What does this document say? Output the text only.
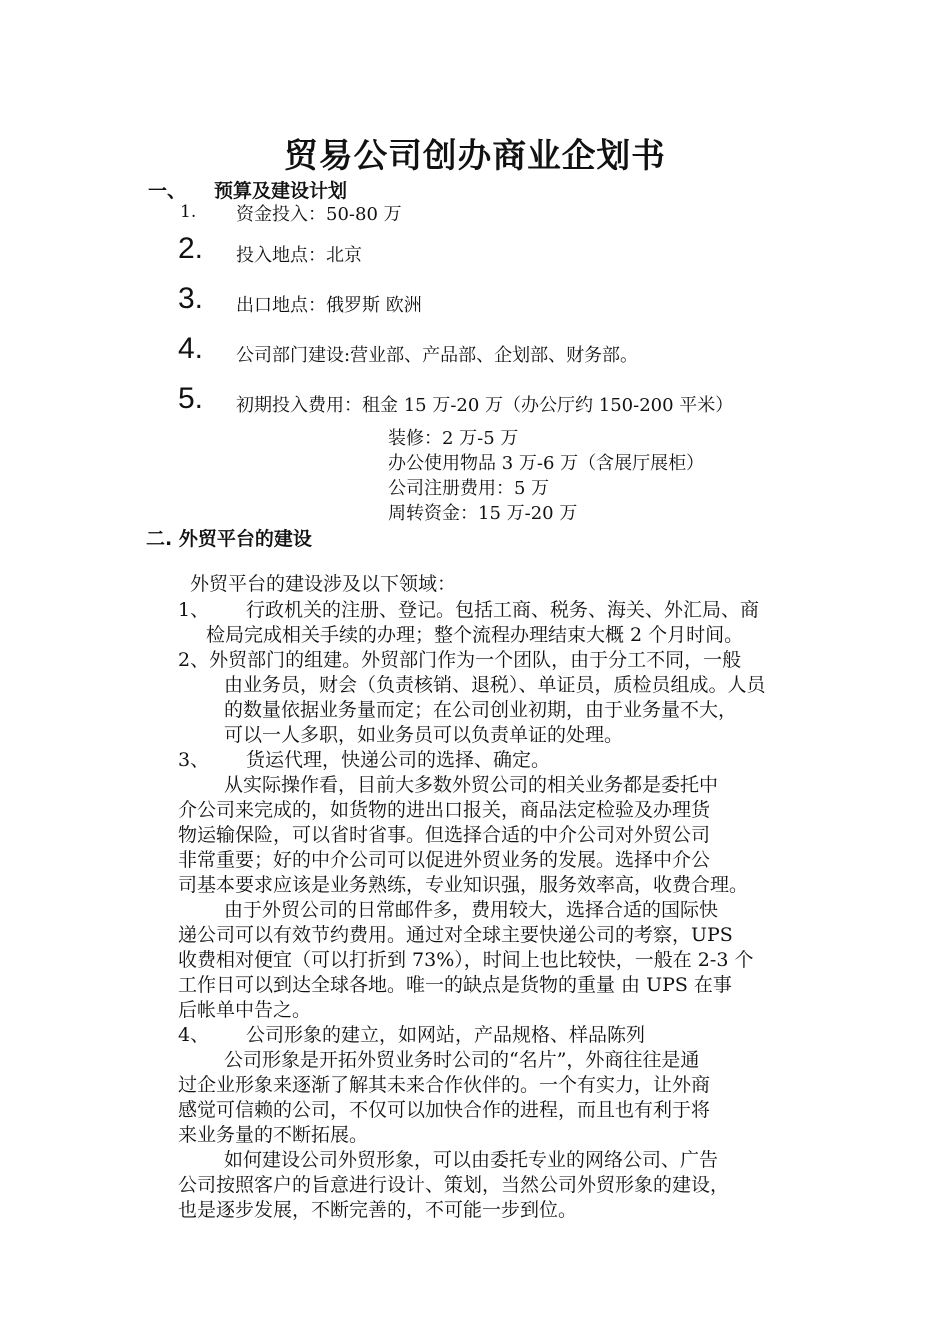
贸易公司创办商业企划书
一、 预算及建设计划
1. 资金投入：50-80 万
2. 投入地点：北京
3. 出口地点：俄罗斯 欧洲
4. 公司部门建设:营业部、产品部、企划部、财务部。
5. 初期投入费用：租金 15 万-20 万（办公厅约 150-200 平米）
装修：2 万-5 万
办公使用物品 3 万-6 万（含展厅展柜）
公司注册费用：5 万
周转资金：15 万-20 万
二. 外贸平台的建设
外贸平台的建设涉及以下领域：
1、 行政机关的注册、登记。包括工商、税务、海关、外汇局、商
检局完成相关手续的办理；整个流程办理结束大概 2 个月时间。
2、外贸部门的组建。外贸部门作为一个团队，由于分工不同，一般
由业务员，财会（负责核销、退税）、单证员，质检员组成。人员
的数量依据业务量而定；在公司创业初期，由于业务量不大，
可以一人多职，如业务员可以负责单证的处理。
3、 货运代理，快递公司的选择、确定。
从实际操作看，目前大多数外贸公司的相关业务都是委托中
介公司来完成的，如货物的进出口报关，商品法定检验及办理货
物运输保险，可以省时省事。但选择合适的中介公司对外贸公司
非常重要；好的中介公司可以促进外贸业务的发展。选择中介公
司基本要求应该是业务熟练，专业知识强，服务效率高，收费合理。
由于外贸公司的日常邮件多，费用较大，选择合适的国际快
递公司可以有效节约费用。通过对全球主要快递公司的考察，UPS
收费相对便宜（可以打折到 73%），时间上也比较快，一般在 2-3 个
工作日可以到达全球各地。唯一的缺点是货物的重量 由 UPS 在事
后帐单中告之。
4、 公司形象的建立，如网站，产品规格、样品陈列
公司形象是开拓外贸业务时公司的“名片”，外商往往是通
过企业形象来逐渐了解其未来合作伙伴的。一个有实力，让外商
感觉可信赖的公司，不仅可以加快合作的进程，而且也有利于将
来业务量的不断拓展。
如何建设公司外贸形象，可以由委托专业的网络公司、广告
公司按照客户的旨意进行设计、策划，当然公司外贸形象的建设，
也是逐步发展，不断完善的，不可能一步到位。
